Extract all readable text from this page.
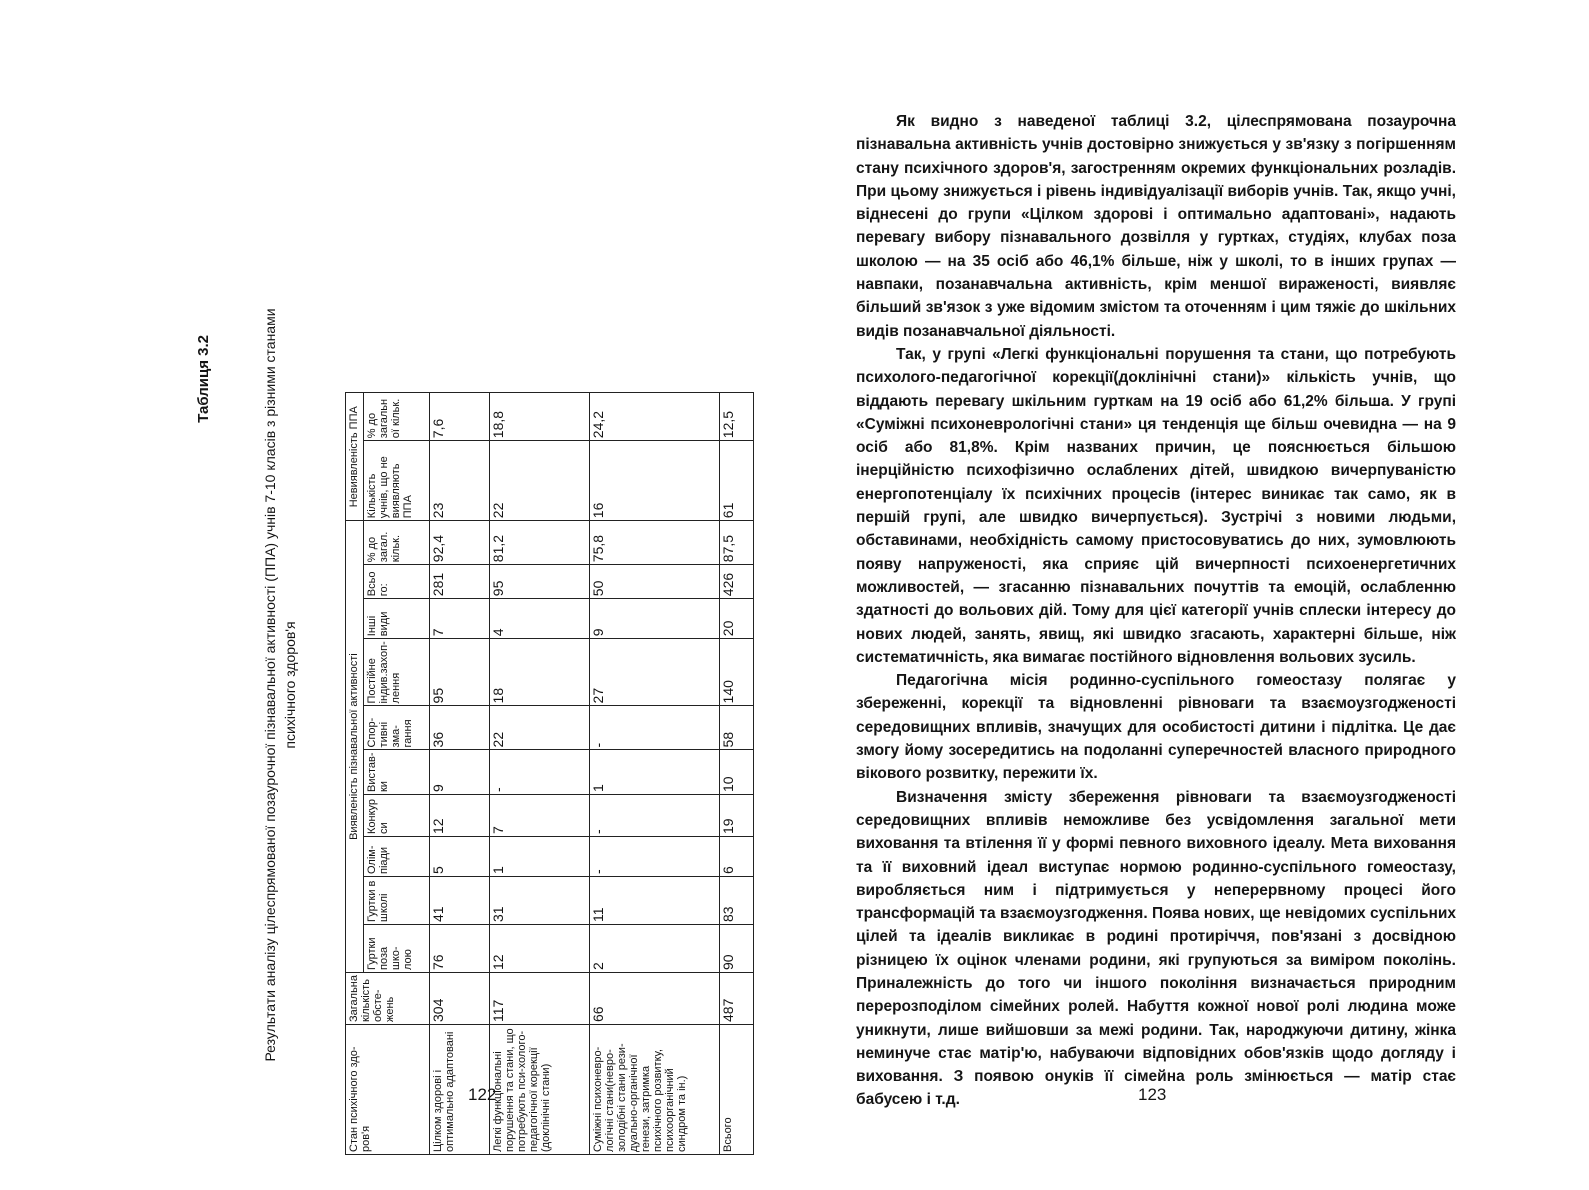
Таблиця 3.2	Результати аналізу цілеспрямованої позаурочної пізнавальної активності (ППА) учнів 7-10 класів з різними станами психічного здоров'я
Стан психічного здо-ров'я	Загальна кількість обсте-жень	Виявленість пізнавальної активності										Невиявленість ППА	
		Гуртки поза шко-лою	Гуртки в школі	Олім-піади	Конкур си	Вистав-ки	Спор-тивні зма-гання	Постійне індив.захоп-лення	Інші види	Всьо го:	% до загал. кільк.	Кількість учнів, що не виявляють ППА	% до загальн ої кільк.
Цілком здорові і оптимально адаптовані	304	76	41	5	12	9	36	95	7	281	92,4	23	7,6
Легкі функціональні порушення та стани, що потребують пси-холого-педагогічної корекції (доклінічні стани)	117	12	31	1	7	-	22	18	4	95	81,2	22	18,8
Суміжні психоневро-логічні стани(невро-золодібні стани рези-дуально-органічної генези, затримка психічного розвитку, психоорганічний синдром та ін.)	66	2	11	-	-	1	-	27	9	50	75,8	16	24,2
Всього	487	90	83	6	19	10	58	140	20	426	87,5	61	12,5
122

Як видно з наведеної таблиці 3.2, цілеспрямована позаурочна пізнавальна активність учнів достовірно знижується у зв'язку з погіршенням стану психічного здоров'я, загостренням окремих функціональних розладів. При цьому знижується і рівень індивідуалізації виборів учнів. Так, якщо учні, віднесені до групи «Цілком здорові і оптимально адаптовані», надають перевагу вибору пізнавального дозвілля у гуртках, студіях, клубах поза школою — на 35 осіб або 46,1% більше, ніж у школі, то в інших групах — навпаки, позанавчальна активність, крім меншої вираженості, виявляє більший зв'язок з уже відомим змістом та оточенням і цим тяжіє до шкільних видів позанавчальної діяльності.

Так, у групі «Легкі функціональні порушення та стани, що потребують психолого-педагогічної корекції(доклінічні стани)» кількість учнів, що віддають перевагу шкільним гурткам на 19 осіб або 61,2% більша. У групі «Суміжні психоневрологічні стани» ця тенденція ще більш очевидна — на 9 осіб або 81,8%. Крім названих причин, це пояснюється більшою інерційністю психофізично ослаблених дітей, швидкою вичерпуваністю енергопотенціалу їх психічних процесів (інтерес виникає так само, як в першій групі, але швидко вичерпується). Зустрічі з новими людьми, обставинами, необхідність самому пристосовуватись до них, зумовлюють появу напруженості, яка сприяє цій вичерпності психоенергетичних можливостей, — згасанню пізнавальних почуттів та емоцій, ослабленню здатності до вольових дій. Тому для цієї категорії учнів сплески інтересу до нових людей, занять, явищ, які швидко згасають, характерні більше, ніж систематичність, яка вимагає постійного відновлення вольових зусиль.

Педагогічна місія родинно-суспільного гомеостазу полягає у збереженні, корекції та відновленні рівноваги та взаємоузгодженості середовищних впливів, значущих для особистості дитини і підлітка. Це дає змогу йому зосередитись на подоланні суперечностей власного природного вікового розвитку, пережити їх.

Визначення змісту збереження рівноваги та взаємоузгодженості середовищних впливів неможливе без усвідомлення загальної мети виховання та втілення її у формі певного виховного ідеалу. Мета виховання та її виховний ідеал виступає нормою родинно-суспільного гомеостазу, виробляється ним і підтримується у неперервному процесі його трансформацій та взаємоузгодження. Поява нових, ще невідомих суспільних цілей та ідеалів викликає в родині протиріччя, пов'язані з досвідною різницею їх оцінок членами родини, які групуються за виміром поколінь. Приналежність до того чи іншого покоління визначається природним перерозподілом сімейних ролей. Набуття кожної нової ролі людина може уникнути, лише вийшовши за межі родини. Так, народжуючи дитину, жінка неминуче стає матір'ю, набуваючи відповідних обов'язків щодо догляду і виховання. З появою онуків її сімейна роль змінюється — матір стає бабусею і т.д.	123
